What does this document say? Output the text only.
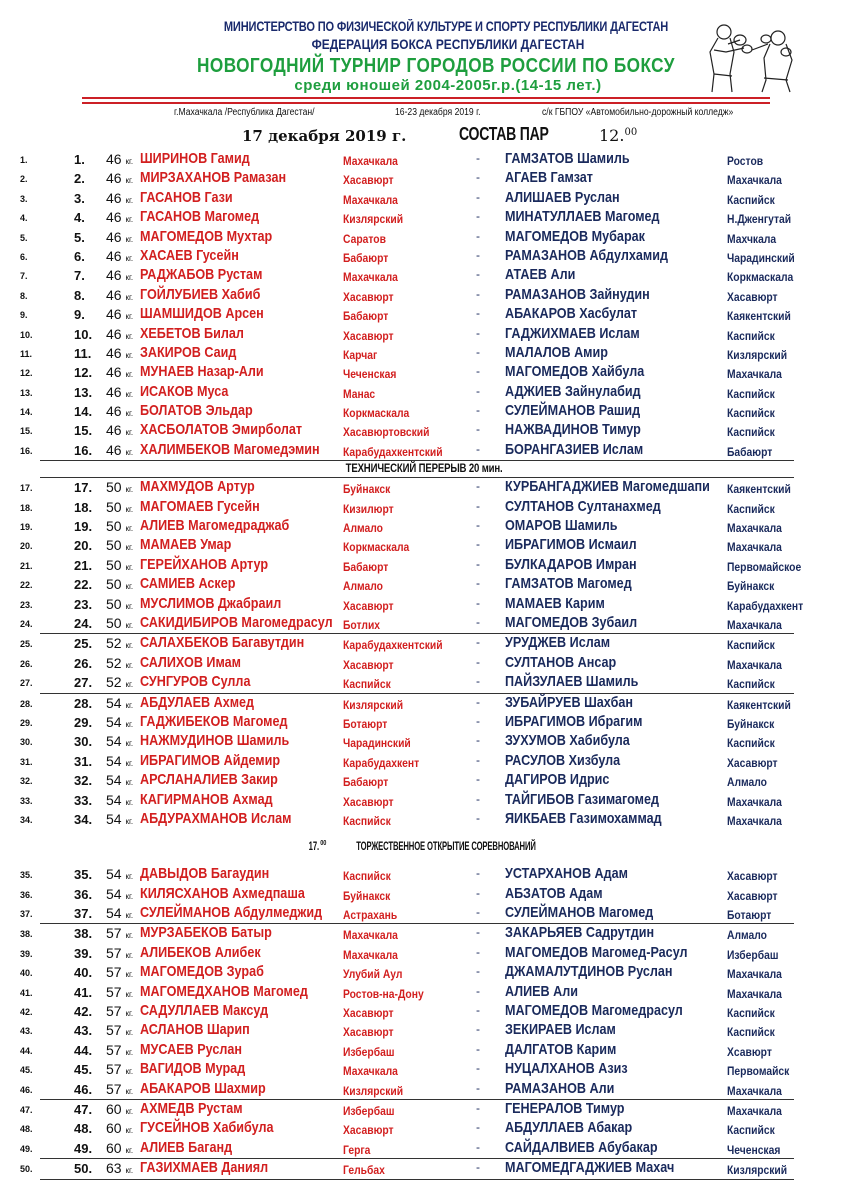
МИНИСТЕРСТВО ПО ФИЗИЧЕСКОЙ КУЛЬТУРЕ И СПОРТУ РЕСПУБЛИКИ ДАГЕСТАН
ФЕДЕРАЦИЯ БОКСА РЕСПУБЛИКИ ДАГЕСТАН
НОВОГОДНИЙ ТУРНИР ГОРОДОВ РОССИИ ПО БОКСУ
среди юношей 2004-2005г.р.(14-15 лет.)
г.Махачкала /Республика Дагестан/	16-23 декабря 2019 г.	с/к ГБПОУ «Автомобильно-дорожный колледж»
17 декабря 2019 г.	СОСТАВ ПАР	12.00
1.	1. 46 кг. ШИРИНОВ Гамид	Махачкала	- ГАМЗАТОВ Шамиль	Ростов
2.	2. 46 кг. МИРЗАХАНОВ Рамазан	Хасавюрт	- АГАЕВ Гамзат	Махачкала
3.	3. 46 кг. ГАСАНОВ Гази	Махачкала	- АЛИШАЕВ Руслан	Каспийск
4.	4. 46 кг. ГАСАНОВ Магомед	Кизлярский	- МИНАТУЛЛАЕВ Магомед	Н.Дженгутай
5.	5. 46 кг. МАГОМЕДОВ Мухтар	Саратов	- МАГОМЕДОВ Мубарак	Махчкала
6.	6. 46 кг. ХАСАЕВ Гусейн	Бабаюрт	- РАМАЗАНОВ Абдулхамид	Чарадинский
7.	7. 46 кг. РАДЖАБОВ Рустам	Махачкала	- АТАЕВ Али	Коркмаскала
8.	8. 46 кг. ГОЙЛУБИЕВ Хабиб	Хасавюрт	- РАМАЗАНОВ Зайнудин	Хасавюрт
9.	9. 46 кг. ШАМШИДОВ Арсен	Бабаюрт	- АБАКАРОВ Хасбулат	Каякентский
10.	10. 46 кг. ХЕБЕТОВ Билал	Хасавюрт	- ГАДЖИХМАЕВ Ислам	Каспийск
11.	11. 46 кг. ЗАКИРОВ Саид	Карчаг	- МАЛАЛОВ Амир	Кизлярский
12.	12. 46 кг. МУНАЕВ Назар-Али	Чеченская	- МАГОМЕДОВ Хайбула	Махачкала
13.	13. 46 кг. ИСАКОВ Муса	Манас	- АДЖИЕВ Зайнулабид	Каспийск
14.	14. 46 кг. БОЛАТОВ Эльдар	Коркмаскала	- СУЛЕЙМАНОВ Рашид	Каспийск
15.	15. 46 кг. ХАСБОЛАТОВ Эмирболат	Хасавюртовский	- НАЖВАДИНОВ Тимур	Каспийск
16.	16. 46 кг. ХАЛИМБЕКОВ Магомедэмин Карабудахкентский	- БОРАНГАЗИЕВ Ислам	Бабаюрт
ТЕХНИЧЕСКИЙ ПЕРЕРЫВ 20 мин.
17.	17. 50 кг. МАХМУДОВ Артур	Буйнакск	- КУРБАНГАДЖИЕВ Магомедшапи Каякентский
18.	18. 50 кг. МАГОМАЕВ Гусейн	Кизилюрт	- СУЛТАНОВ Султанахмед	Каспийск
19.	19. 50 кг. АЛИЕВ Магомедраджаб	Алмало	- ОМАРОВ Шамиль	Махачкала
20.	20. 50 кг. МАМАЕВ Умар	Коркмаскала	- ИБРАГИМОВ Исмаил	Махачкала
21.	21. 50 кг. ГЕРЕЙХАНОВ Артур	Бабаюрт	- БУЛКАДАРОВ Имран	Первомайское
22.	22. 50 кг. САМИЕВ Аскер	Алмало	- ГАМЗАТОВ Магомед	Буйнакск
23.	23. 50 кг. МУСЛИМОВ Джабраил	Хасавюрт	- МАМАЕВ Карим	Карабудахкент
24.	24. 50 кг. САКИДИБИРОВ Магомедрасул Ботлих	- МАГОМЕДОВ Зубаил	Махачкала
25.	25. 52 кг. САЛАХБЕКОВ Багавутдин	Карабудахкентский	- УРУДЖЕВ Ислам	Каспийск
26.	26. 52 кг. САЛИХОВ Имам	Хасавюрт	- СУЛТАНОВ Ансар	Махачкала
27.	27. 52 кг. СУНГУРОВ Сулла	Каспийск	- ПАЙЗУЛАЕВ Шамиль	Каспийск
28.	28. 54 кг. АБДУЛАЕВ Ахмед	Кизлярский	- ЗУБАЙРУЕВ Шахбан	Каякентский
29.	29. 54 кг. ГАДЖИБЕКОВ Магомед	Ботаюрт	- ИБРАГИМОВ Ибрагим	Буйнакск
30.	30. 54 кг. НАЖМУДИНОВ Шамиль	Чарадинский	- ЗУХУМОВ Хабибула	Каспийск
31.	31. 54 кг. ИБРАГИМОВ Айдемир	Карабудахкент	- РАСУЛОВ Хизбула	Хасавюрт
32.	32. 54 кг. АРСЛАНАЛИЕВ Закир	Бабаюрт	- ДАГИРОВ Идрис	Алмало
33.	33. 54 кг. КАГИРМАНОВ Ахмад	Хасавюрт	- ТАЙГИБОВ Газимагомед	Махачкала
34.	34. 54 кг. АБДУРАХМАНОВ Ислам	Каспийск	- ЯИКБАЕВ Газимохаммад	Махачкала
17.00	ТОРЖЕСТВЕННОЕ ОТКРЫТИЕ СОРЕВНОВАНИЙ
35.	35. 54 кг. ДАВЫДОВ Багаудин	Каспийск	- УСТАРХАНОВ Адам	Хасавюрт
36.	36. 54 кг. КИЛЯСХАНОВ Ахмедпаша	Буйнакск	- АБЗАТОВ Адам	Хасавюрт
37.	37. 54 кг. СУЛЕЙМАНОВ Абдулмеджид Астрахань	- СУЛЕЙМАНОВ Магомед	Ботаюрт
38.	38. 57 кг. МУРЗАБЕКОВ Батыр	Махачкала	- ЗАКАРЬЯЕВ Садрутдин	Алмало
39.	39. 57 кг. АЛИБЕКОВ Алибек	Махачкала	- МАГОМЕДОВ Магомед-Расул	Избербаш
40.	40. 57 кг. МАГОМЕДОВ Зураб	Улубий Аул	- ДЖАМАЛУТДИНОВ Руслан	Махачкала
41.	41. 57 кг. МАГОМЕДХАНОВ Магомед	Ростов-на-Дону	- АЛИЕВ Али	Махачкала
42.	42. 57 кг. САДУЛЛАЕВ Максуд	Хасавюрт	- МАГОМЕДОВ Магомедрасул	Каспийск
43.	43. 57 кг. АСЛАНОВ Шарип	Хасавюрт	- ЗЕКИРАЕВ Ислам	Каспийск
44.	44. 57 кг. МУСАЕВ Руслан	Избербаш	- ДАЛГАТОВ Карим	Хсавюрт
45.	45. 57 кг. ВАГИДОВ Мурад	Махачкала	- НУЦАЛХАНОВ Азиз	Первомайск
46.	46. 57 кг. АБАКАРОВ Шахмир	Кизлярский	- РАМАЗАНОВ Али	Махачкала
47.	47. 60 кг. АХМЕДВ Рустам	Избербаш	- ГЕНЕРАЛОВ Тимур	Махачкала
48.	48. 60 кг. ГУСЕЙНОВ Хабибула	Хасавюрт	- АБДУЛЛАЕВ Абакар	Каспийск
49.	49. 60 кг. АЛИЕВ Баганд	Герга	- САЙДАЛВИЕВ Абубакар	Чеченская
50.	50. 63 кг. ГАЗИХМАЕВ Даниял	Гельбах	- МАГОМЕДГАДЖИЕВ Махач	Кизлярский
